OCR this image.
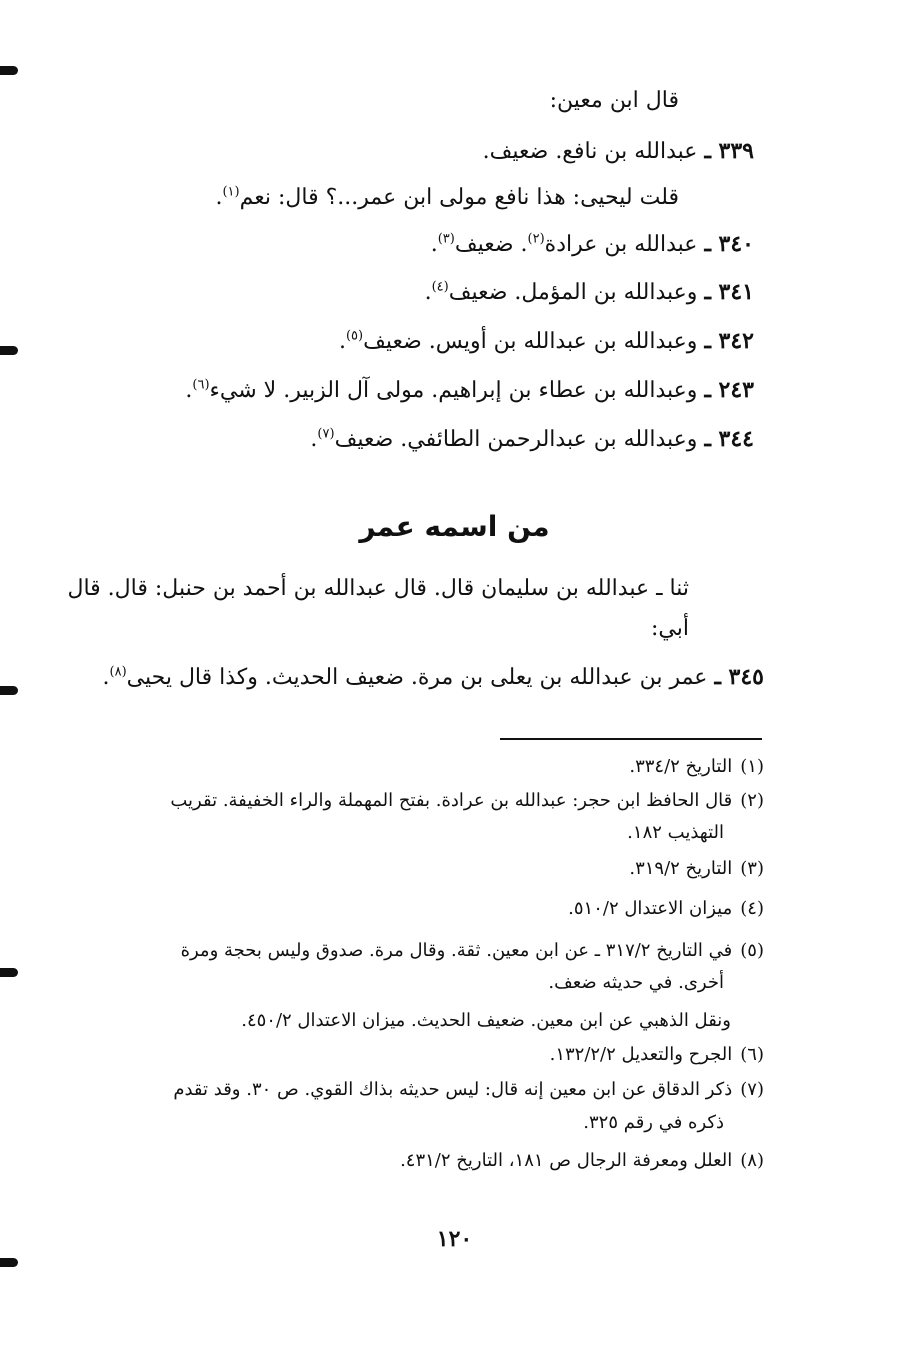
قال ابن معين:
٣٣٩ ـ عبدالله بن نافع. ضعيف.
قلت ليحيى: هذا نافع مولى ابن عمر...؟ قال: نعم$^{(١)}$.
٣٤٠ ـ عبدالله بن عرادة$^{(٢)}$. ضعيف$^{(٣)}$.
٣٤١ ـ وعبدالله بن المؤمل. ضعيف$^{(٤)}$.
٣٤٢ ـ وعبدالله بن عبدالله بن أويس. ضعيف$^{(٥)}$.
٢٤٣ ـ وعبدالله بن عطاء بن إبراهيم. مولى آل الزبير. لا شيء$^{(٦)}$.
٣٤٤ ـ وعبدالله بن عبدالرحمن الطائفي. ضعيف$^{(٧)}$.
من اسمه عمر
ثنا ـ عبدالله بن سليمان قال. قال عبدالله بن أحمد بن حنبل: قال. قال
أبي:
٣٤٥ ـ عمر بن عبدالله بن يعلى بن مرة. ضعيف الحديث. وكذا قال يحيى$^{(٨)}$.
(١)التاريخ ٣٣٤/٢.
(٢)قال الحافظ ابن حجر: عبدالله بن عرادة. بفتح المهملة والراء الخفيفة. تقريب
التهذيب ١٨٢.
(٣)التاريخ ٣١٩/٢.
(٤)ميزان الاعتدال ٥١٠/٢.
(٥)في التاريخ ٣١٧/٢ ـ عن ابن معين. ثقة. وقال مرة. صدوق وليس بحجة ومرة
أخرى. في حديثه ضعف.
ونقل الذهبي عن ابن معين. ضعيف الحديث. ميزان الاعتدال ٤٥٠/٢.
(٦)الجرح والتعديل ١٣٢/٢/٢.
(٧)ذكر الدقاق عن ابن معين إنه قال: ليس حديثه بذاك القوي. ص ٣٠. وقد تقدم
ذكره في رقم ٣٢٥.
(٨)العلل ومعرفة الرجال ص ١٨١، التاريخ ٤٣١/٢.
١٢٠
